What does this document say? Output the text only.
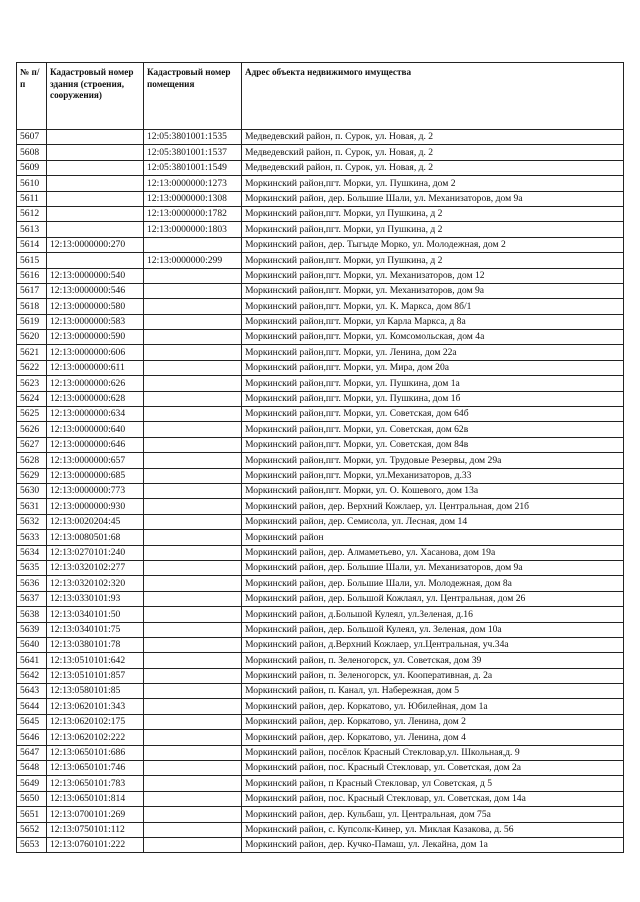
№ п/п	Кадастровый номер здания (строения, сооружения)	Кадастровый номер помещения	Адрес объекта недвижимого имущества
5607		12:05:3801001:1535	Медведевский район, п. Сурок, ул. Новая, д. 2
5608		12:05:3801001:1537	Медведевский район, п. Сурок, ул. Новая, д. 2
5609		12:05:3801001:1549	Медведевский район, п. Сурок, ул. Новая, д. 2
5610		12:13:0000000:1273	Моркинский район,пгт. Морки, ул. Пушкина, дом 2
5611		12:13:0000000:1308	Моркинский район, дер. Большие Шали, ул. Механизаторов, дом 9а
5612		12:13:0000000:1782	Моркинский район,пгт. Морки, ул Пушкина, д 2
5613		12:13:0000000:1803	Моркинский район,пгт. Морки, ул Пушкина, д 2
5614	12:13:0000000:270		Моркинский район, дер. Тыгыде Морко, ул. Молодежная, дом 2
5615		12:13:0000000:299	Моркинский район,пгт. Морки, ул Пушкина, д 2
5616	12:13:0000000:540		Моркинский район,пгт. Морки, ул. Механизаторов, дом 12
5617	12:13:0000000:546		Моркинский район,пгт. Морки, ул. Механизаторов, дом 9а
5618	12:13:0000000:580		Моркинский район,пгт. Морки, ул. К. Маркса, дом 8б/1
5619	12:13:0000000:583		Моркинский район,пгт. Морки, ул Карла Маркса, д 8а
5620	12:13:0000000:590		Моркинский район,пгт. Морки, ул. Комсомольская, дом 4а
5621	12:13:0000000:606		Моркинский район,пгт. Морки, ул. Ленина, дом 22а
5622	12:13:0000000:611		Моркинский район,пгт. Морки, ул. Мира, дом 20а
5623	12:13:0000000:626		Моркинский район,пгт. Морки, ул. Пушкина, дом 1а
5624	12:13:0000000:628		Моркинский район,пгт. Морки, ул. Пушкина, дом 1б
5625	12:13:0000000:634		Моркинский район,пгт. Морки, ул. Советская, дом 64б
5626	12:13:0000000:640		Моркинский район,пгт. Морки, ул. Советская, дом 62в
5627	12:13:0000000:646		Моркинский район,пгт. Морки, ул. Советская, дом 84в
5628	12:13:0000000:657		Моркинский район,пгт. Морки, ул. Трудовые Резервы, дом 29а
5629	12:13:0000000:685		Моркинский район,пгт. Морки, ул.Механизаторов, д.33
5630	12:13:0000000:773		Моркинский район,пгт. Морки, ул. О. Кошевого, дом 13а
5631	12:13:0000000:930		Моркинский район, дер. Верхний Кожлаер, ул. Центральная, дом 21б
5632	12:13:0020204:45		Моркинский район, дер. Семисола, ул. Лесная, дом 14
5633	12:13:0080501:68		Моркинский район
5634	12:13:0270101:240		Моркинский район, дер. Алмаметьево, ул. Хасанова, дом 19а
5635	12:13:0320102:277		Моркинский район, дер. Большие Шали, ул. Механизаторов, дом 9а
5636	12:13:0320102:320		Моркинский район, дер. Большие Шали, ул. Молодежная, дом 8а
5637	12:13:0330101:93		Моркинский район, дер. Большой Кожлаял, ул. Центральная, дом 26
5638	12:13:0340101:50		Моркинский район, д.Большой Кулеял, ул.Зеленая, д.16
5639	12:13:0340101:75		Моркинский район, дер. Большой Кулеял, ул. Зеленая, дом 10а
5640	12:13:0380101:78		Моркинский район, д.Верхний Кожлаер, ул.Центральная, уч.34а
5641	12:13:0510101:642		Моркинский район, п. Зеленогорск, ул. Советская, дом 39
5642	12:13:0510101:857		Моркинский район, п. Зеленогорск, ул. Кооперативная, д. 2а
5643	12:13:0580101:85		Моркинский район, п. Канал, ул. Набережная, дом 5
5644	12:13:0620101:343		Моркинский район, дер. Коркатово, ул. Юбилейная, дом 1а
5645	12:13:0620102:175		Моркинский район, дер. Коркатово, ул. Ленина, дом 2
5646	12:13:0620102:222		Моркинский район, дер. Коркатово, ул. Ленина, дом 4
5647	12:13:0650101:686		Моркинский район, посёлок Красный Стекловар,ул. Школьная,д. 9
5648	12:13:0650101:746		Моркинский район, пос. Красный Стекловар, ул. Советская, дом 2а
5649	12:13:0650101:783		Моркинский район, п Красный Стекловар, ул Советская, д 5
5650	12:13:0650101:814		Моркинский район, пос. Красный Стекловар, ул. Советская, дом 14а
5651	12:13:0700101:269		Моркинский район, дер. Кульбаш, ул. Центральная, дом 75а
5652	12:13:0750101:112		Моркинский район, с. Купсолк-Кинер, ул. Миклая Казакова, д. 56
5653	12:13:0760101:222		Моркинский район, дер. Кучко-Памаш, ул. Лекайна, дом 1а
